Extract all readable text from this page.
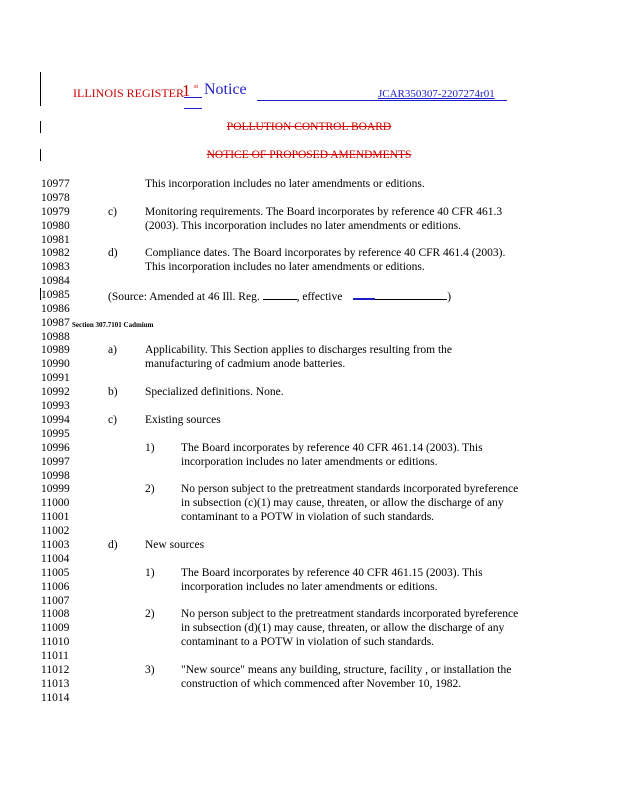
ILLINOIS REGISTER
1 st Notice	JCAR350307-2207274r01
POLLUTION CONTROL BOARD
NOTICE OF PROPOSED AMENDMENTS
10977	This incorporation includes no later amendments or editions.
10978
10979	c) Monitoring requirements. The Board incorporates by reference 40 CFR 461.3
10980	(2003). This incorporation includes no later amendments or editions.
10981
10982	d) Compliance dates. The Board incorporates by reference 40 CFR 461.4 (2003).
10983	This incorporation includes no later amendments or editions.
10984
10985	(Source: Amended at 46 Ill. Reg.	, effective	)
10986
10987 Section 307.7101 Cadmium
10988
10989	a) Applicability. This Section applies to discharges resulting from the
10990	manufacturing of cadmium anode batteries.
10991
10992	b) Specialized definitions. None.
10993
10994	c) Existing sources
10995
10996	1) The Board incorporates by reference 40 CFR 461.14 (2003). This
10997	incorporation includes no later amendments or editions.
10998
10999	2) No person subject to the pretreatment standards incorporated byreference
11000	in subsection (c)(1) may cause, threaten, or allow the discharge of any
11001	contaminant to a POTW in violation of such standards.
11002
11003	d) New sources
11004
11005	1) The Board incorporates by reference 40 CFR 461.15 (2003). This
11006	incorporation includes no later amendments or editions.
11007
11008	2) No person subject to the pretreatment standards incorporated byreference
11009	in subsection (d)(1) may cause, threaten, or allow the discharge of any
11010	contaminant to a POTW in violation of such standards.
11011
11012	3) "New source" means any building, structure, facility , or installation the
11013	construction of which commenced after November 10, 1982.
11014
